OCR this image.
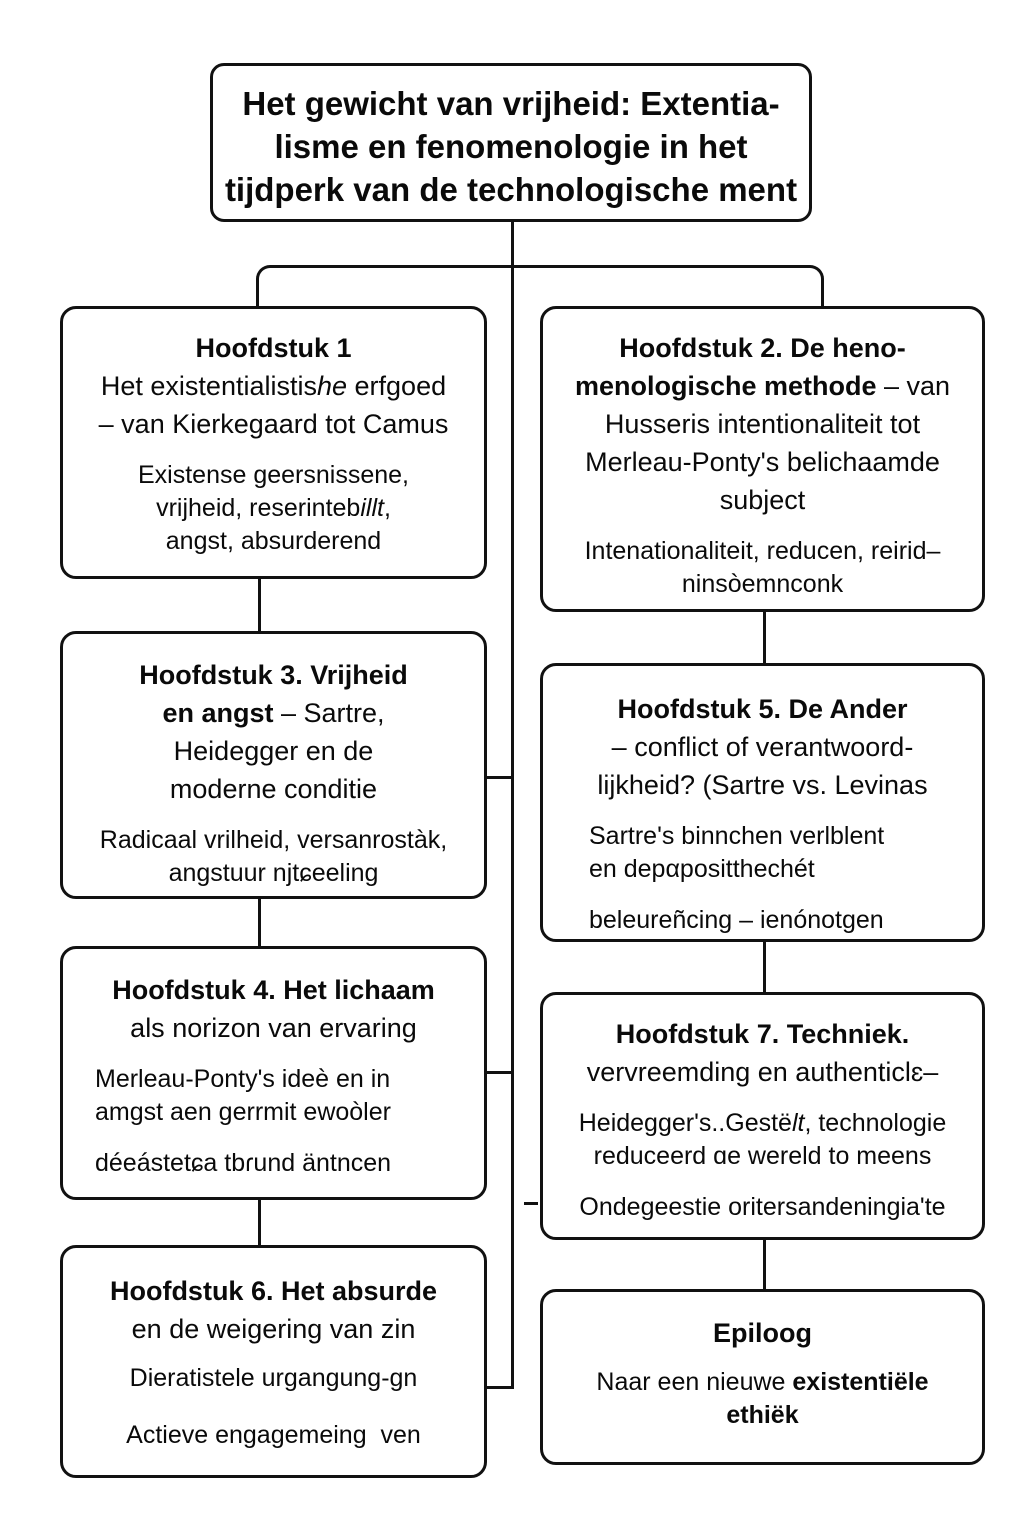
Het gewicht van vrijheid: Extentia-
lisme en fenomenologie in het
tijdperk van de technologische ment
Hoofdstuk 1
Het existentialistishe erfgoed
– van Kierkegaard tot Camus
Existense geersnissene,
vrijheid, reserintebillt,
angst, absurderend
Hoofdstuk 2. De heno-
menologische methode – van
Husseris intentionaliteit tot
Merleau-Ponty's belichaamde
subject
Intenationaliteit, reducen, reirid–
ninsòemnconk
Hoofdstuk 3. Vrijheid
en angst – Sartre,
Heidegger en de
moderne conditie
Radicaal vrilheid, versanrostàk,
angstuur njtɕeeling
Hoofdstuk 5. De Ander
– conflict of verantwoord-
lijkheid? (Sartre vs. Levinas
Sartre's binnchen verlblent
en depαpositthechét
beleureñcing – ienónotgen
Hoofdstuk 4. Het lichaam
als norizon van ervaring
Merleau-Ponty's ideè en in
amgst aen gerrmit ewoòler
déeástetɕa tbɾund äntncen
Hoofdstuk 7. Techniek.
vervreemding en authenticlɛ–
Heidegger's..Gestëlt, technologie
reduceerd ɑe wereld to meens
Ondegeestie oritersandeningia'te
Hoofdstuk 6. Het absurde
en de weigering van zin
Dieratistele urgangung-gn
Actieve engagemeing  ven
Epiloog
Naar een nieuwe existentiële
ethiëk
